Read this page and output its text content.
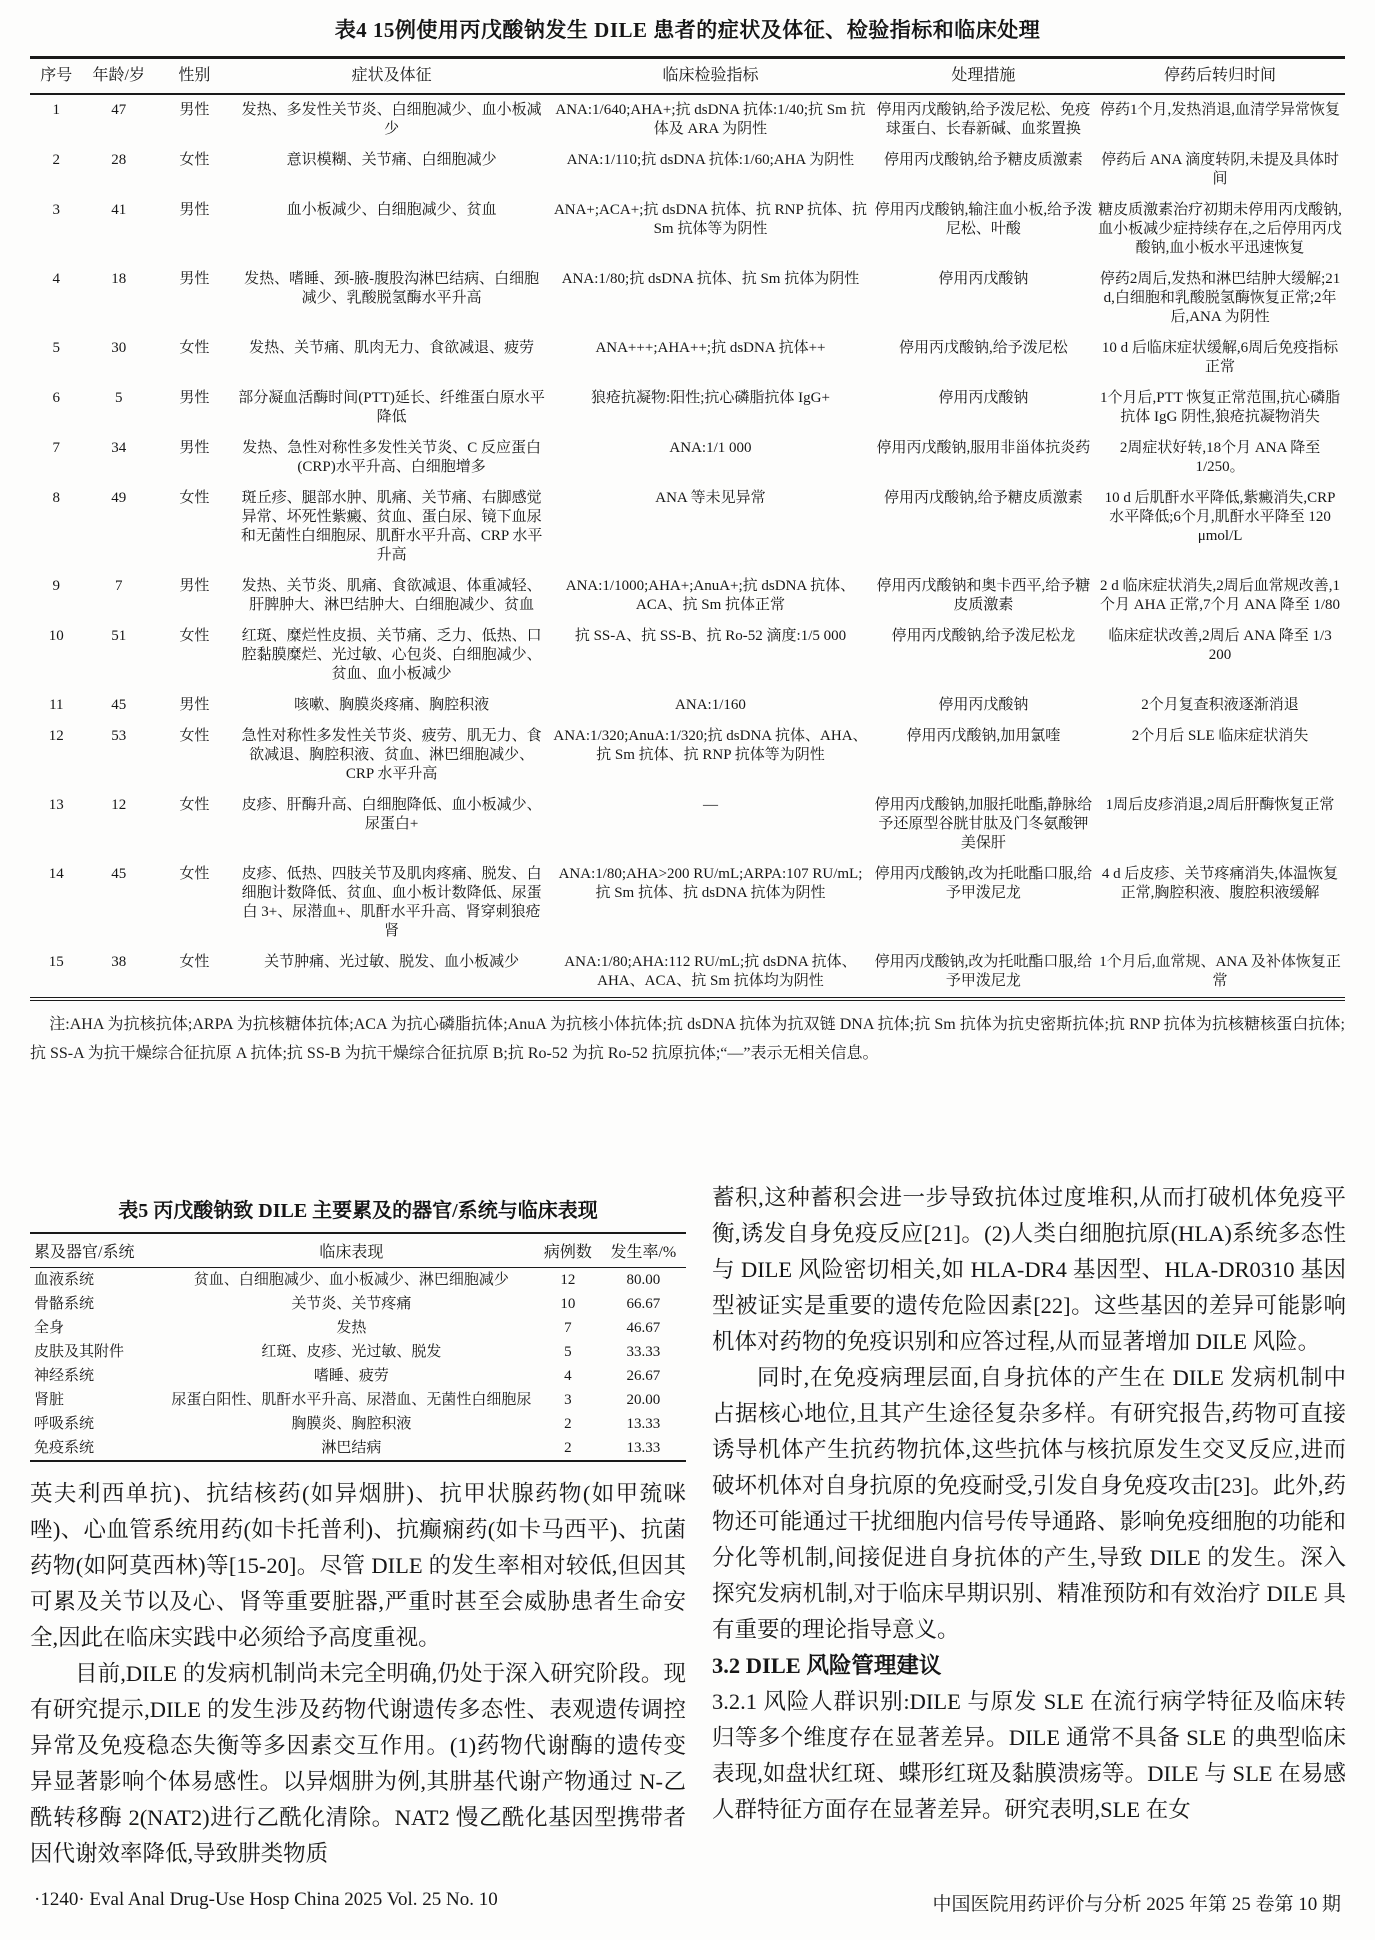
表4 15例使用丙戊酸钠发生 DILE 患者的症状及体征、检验指标和临床处理
序号	年龄/岁	性别	症状及体征	临床检验指标	处理措施	停药后转归时间
1	47	男性	发热、多发性关节炎、白细胞减少、血小板减少	ANA:1/640;AHA+;抗 dsDNA 抗体:1/40;抗 Sm 抗体及 ARA 为阴性	停用丙戊酸钠,给予泼尼松、免疫球蛋白、长春新碱、血浆置换	停药1个月,发热消退,血清学异常恢复
2	28	女性	意识模糊、关节痛、白细胞减少	ANA:1/110;抗 dsDNA 抗体:1/60;AHA 为阴性	停用丙戊酸钠,给予糖皮质激素	停药后 ANA 滴度转阴,未提及具体时间
3	41	男性	血小板减少、白细胞减少、贫血	ANA+;ACA+;抗 dsDNA 抗体、抗 RNP 抗体、抗 Sm 抗体等为阴性	停用丙戊酸钠,输注血小板,给予泼尼松、叶酸	糖皮质激素治疗初期未停用丙戊酸钠,血小板减少症持续存在,之后停用丙戊酸钠,血小板水平迅速恢复
4	18	男性	发热、嗜睡、颈-腋-腹股沟淋巴结病、白细胞减少、乳酸脱氢酶水平升高	ANA:1/80;抗 dsDNA 抗体、抗 Sm 抗体为阴性	停用丙戊酸钠	停药2周后,发热和淋巴结肿大缓解;21 d,白细胞和乳酸脱氢酶恢复正常;2年后,ANA 为阴性
5	30	女性	发热、关节痛、肌肉无力、食欲减退、疲劳	ANA+++;AHA++;抗 dsDNA 抗体++	停用丙戊酸钠,给予泼尼松	10 d 后临床症状缓解,6周后免疫指标正常
6	5	男性	部分凝血活酶时间(PTT)延长、纤维蛋白原水平降低	狼疮抗凝物:阳性;抗心磷脂抗体 IgG+	停用丙戊酸钠	1个月后,PTT 恢复正常范围,抗心磷脂抗体 IgG 阴性,狼疮抗凝物消失
7	34	男性	发热、急性对称性多发性关节炎、C 反应蛋白(CRP)水平升高、白细胞增多	ANA:1/1 000	停用丙戊酸钠,服用非甾体抗炎药	2周症状好转,18个月 ANA 降至1/250。
8	49	女性	斑丘疹、腿部水肿、肌痛、关节痛、右脚感觉异常、坏死性紫癜、贫血、蛋白尿、镜下血尿和无菌性白细胞尿、肌酐水平升高、CRP 水平升高	ANA 等未见异常	停用丙戊酸钠,给予糖皮质激素	10 d 后肌酐水平降低,紫癜消失,CRP 水平降低;6个月,肌酐水平降至 120 μmol/L
9	7	男性	发热、关节炎、肌痛、食欲减退、体重减轻、肝脾肿大、淋巴结肿大、白细胞减少、贫血	ANA:1/1000;AHA+;AnuA+;抗 dsDNA 抗体、ACA、抗 Sm 抗体正常	停用丙戊酸钠和奥卡西平,给予糖皮质激素	2 d 临床症状消失,2周后血常规改善,1个月 AHA 正常,7个月 ANA 降至 1/80
10	51	女性	红斑、糜烂性皮损、关节痛、乏力、低热、口腔黏膜糜烂、光过敏、心包炎、白细胞减少、贫血、血小板减少	抗 SS-A、抗 SS-B、抗 Ro-52 滴度:1/5 000	停用丙戊酸钠,给予泼尼松龙	临床症状改善,2周后 ANA 降至 1/3 200
11	45	男性	咳嗽、胸膜炎疼痛、胸腔积液	ANA:1/160	停用丙戊酸钠	2个月复查积液逐渐消退
12	53	女性	急性对称性多发性关节炎、疲劳、肌无力、食欲减退、胸腔积液、贫血、淋巴细胞减少、CRP 水平升高	ANA:1/320;AnuA:1/320;抗 dsDNA 抗体、AHA、抗 Sm 抗体、抗 RNP 抗体等为阴性	停用丙戊酸钠,加用氯喹	2个月后 SLE 临床症状消失
13	12	女性	皮疹、肝酶升高、白细胞降低、血小板减少、尿蛋白+	—	停用丙戊酸钠,加服托吡酯,静脉给予还原型谷胱甘肽及门冬氨酸钾美保肝	1周后皮疹消退,2周后肝酶恢复正常
14	45	女性	皮疹、低热、四肢关节及肌肉疼痛、脱发、白细胞计数降低、贫血、血小板计数降低、尿蛋白 3+、尿潜血+、肌酐水平升高、肾穿刺狼疮肾	ANA:1/80;AHA>200 RU/mL;ARPA:107 RU/mL;抗 Sm 抗体、抗 dsDNA 抗体为阴性	停用丙戊酸钠,改为托吡酯口服,给予甲泼尼龙	4 d 后皮疹、关节疼痛消失,体温恢复正常,胸腔积液、腹腔积液缓解
15	38	女性	关节肿痛、光过敏、脱发、血小板减少	ANA:1/80;AHA:112 RU/mL;抗 dsDNA 抗体、AHA、ACA、抗 Sm 抗体均为阴性	停用丙戊酸钠,改为托吡酯口服,给予甲泼尼龙	1个月后,血常规、ANA 及补体恢复正常
注:AHA 为抗核抗体;ARPA 为抗核糖体抗体;ACA 为抗心磷脂抗体;AnuA 为抗核小体抗体;抗 dsDNA 抗体为抗双链 DNA 抗体;抗 Sm 抗体为抗史密斯抗体;抗 RNP 抗体为抗核糖核蛋白抗体;抗 SS-A 为抗干燥综合征抗原 A 抗体;抗 SS-B 为抗干燥综合征抗原 B;抗 Ro-52 为抗 Ro-52 抗原抗体;“—”表示无相关信息。
表5 丙戊酸钠致 DILE 主要累及的器官/系统与临床表现
累及器官/系统	临床表现	病例数	发生率/%
血液系统	贫血、白细胞减少、血小板减少、淋巴细胞减少	12	80.00
骨骼系统	关节炎、关节疼痛	10	66.67
全身	发热	7	46.67
皮肤及其附件	红斑、皮疹、光过敏、脱发	5	33.33
神经系统	嗜睡、疲劳	4	26.67
肾脏	尿蛋白阳性、肌酐水平升高、尿潜血、无菌性白细胞尿	3	20.00
呼吸系统	胸膜炎、胸腔积液	2	13.33
免疫系统	淋巴结病	2	13.33

英夫利西单抗)、抗结核药(如异烟肼)、抗甲状腺药物(如甲巯咪唑)、心血管系统用药(如卡托普利)、抗癫痫药(如卡马西平)、抗菌药物(如阿莫西林)等[15-20]。尽管 DILE 的发生率相对较低,但因其可累及关节以及心、肾等重要脏器,严重时甚至会威胁患者生命安全,因此在临床实践中必须给予高度重视。

目前,DILE 的发病机制尚未完全明确,仍处于深入研究阶段。现有研究提示,DILE 的发生涉及药物代谢遗传多态性、表观遗传调控异常及免疫稳态失衡等多因素交互作用。(1)药物代谢酶的遗传变异显著影响个体易感性。以异烟肼为例,其肼基代谢产物通过 N-乙酰转移酶 2(NAT2)进行乙酰化清除。NAT2 慢乙酰化基因型携带者因代谢效率降低,导致肼类物质

蓄积,这种蓄积会进一步导致抗体过度堆积,从而打破机体免疫平衡,诱发自身免疫反应[21]。(2)人类白细胞抗原(HLA)系统多态性与 DILE 风险密切相关,如 HLA-DR4 基因型、HLA-DR0310 基因型被证实是重要的遗传危险因素[22]。这些基因的差异可能影响机体对药物的免疫识别和应答过程,从而显著增加 DILE 风险。

同时,在免疫病理层面,自身抗体的产生在 DILE 发病机制中占据核心地位,且其产生途径复杂多样。有研究报告,药物可直接诱导机体产生抗药物抗体,这些抗体与核抗原发生交叉反应,进而破坏机体对自身抗原的免疫耐受,引发自身免疫攻击[23]。此外,药物还可能通过干扰细胞内信号传导通路、影响免疫细胞的功能和分化等机制,间接促进自身抗体的产生,导致 DILE 的发生。深入探究发病机制,对于临床早期识别、精准预防和有效治疗 DILE 具有重要的理论指导意义。

3.2 DILE 风险管理建议

3.2.1 风险人群识别:DILE 与原发 SLE 在流行病学特征及临床转归等多个维度存在显著差异。DILE 通常不具备 SLE 的典型临床表现,如盘状红斑、蝶形红斑及黏膜溃疡等。DILE 与 SLE 在易感人群特征方面存在显著差异。研究表明,SLE 在女

·1240· Eval Anal Drug-Use Hosp China 2025 Vol. 25 No. 10	中国医院用药评价与分析 2025 年第 25 卷第 10 期
